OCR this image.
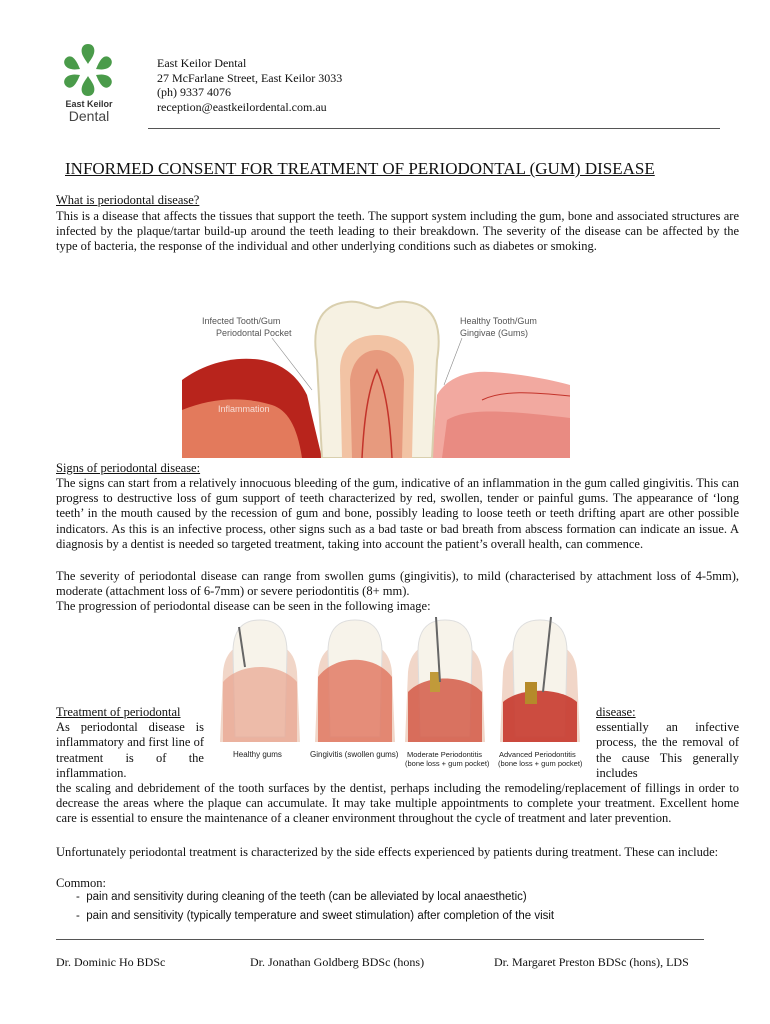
East Keilor
Dental
East Keilor Dental
27 McFarlane Street, East Keilor 3033
(ph) 9337 4076
reception@eastkeilordental.com.au
INFORMED CONSENT FOR TREATMENT OF PERIODONTAL (GUM) DISEASE
What is periodontal disease?
This is a disease that affects the tissues that support the teeth. The support system including the gum, bone and associated structures are infected by the plaque/tartar build-up around the teeth leading to their breakdown. The severity of the disease can be affected by the type of bacteria, the response of the individual and other underlying conditions such as diabetes or smoking.
Infected Tooth/Gum
Periodontal Pocket
Healthy Tooth/Gum
Gingivae (Gums)
Inflammation
Signs of periodontal disease:
The signs can start from a relatively innocuous bleeding of the gum, indicative of an inflammation in the gum called gingivitis. This can progress to destructive loss of gum support of teeth characterized by red, swollen, tender or painful gums. The appearance of ‘long teeth’ in the mouth caused by the recession of gum and bone, possibly leading to loose teeth or teeth drifting apart are other possible indicators. As this is an infective process, other signs such as a bad taste or bad breath from abscess formation can indicate an issue. A diagnosis by a dentist is needed so targeted treatment, taking into account the patient’s overall health, can commence.
The severity of periodontal disease can range from swollen gums (gingivitis), to mild (characterised by attachment loss of 4-5mm), moderate (attachment loss of 6-7mm) or severe periodontitis (8+ mm).
The progression of periodontal disease can be seen in the following image:
Healthy gums	Gingivitis (swollen gums) Moderate Periodontitis
(bone loss + gum pocket)
Advanced Periodontitis
(bone loss + gum pocket)
Treatment of periodontal
As periodontal disease is inflammatory and first line of treatment is of the inflammation.
disease:
essentially an infective process, the the removal of the cause This generally includes
the scaling and debridement of the tooth surfaces by the dentist, perhaps including the remodeling/replacement of fillings in order to decrease the areas where the plaque can accumulate. It may take multiple appointments to complete your treatment. Excellent home care is essential to ensure the maintenance of a cleaner environment throughout the cycle of treatment and later prevention.
Unfortunately periodontal treatment is characterized by the side effects experienced by patients during treatment. These can include:
Common:
-  pain and sensitivity during cleaning of the teeth (can be alleviated by local anaesthetic)
-  pain and sensitivity (typically temperature and sweet stimulation) after completion of the visit
Dr. Dominic Ho BDSc	Dr. Jonathan Goldberg BDSc (hons)	Dr. Margaret Preston BDSc (hons), LDS
